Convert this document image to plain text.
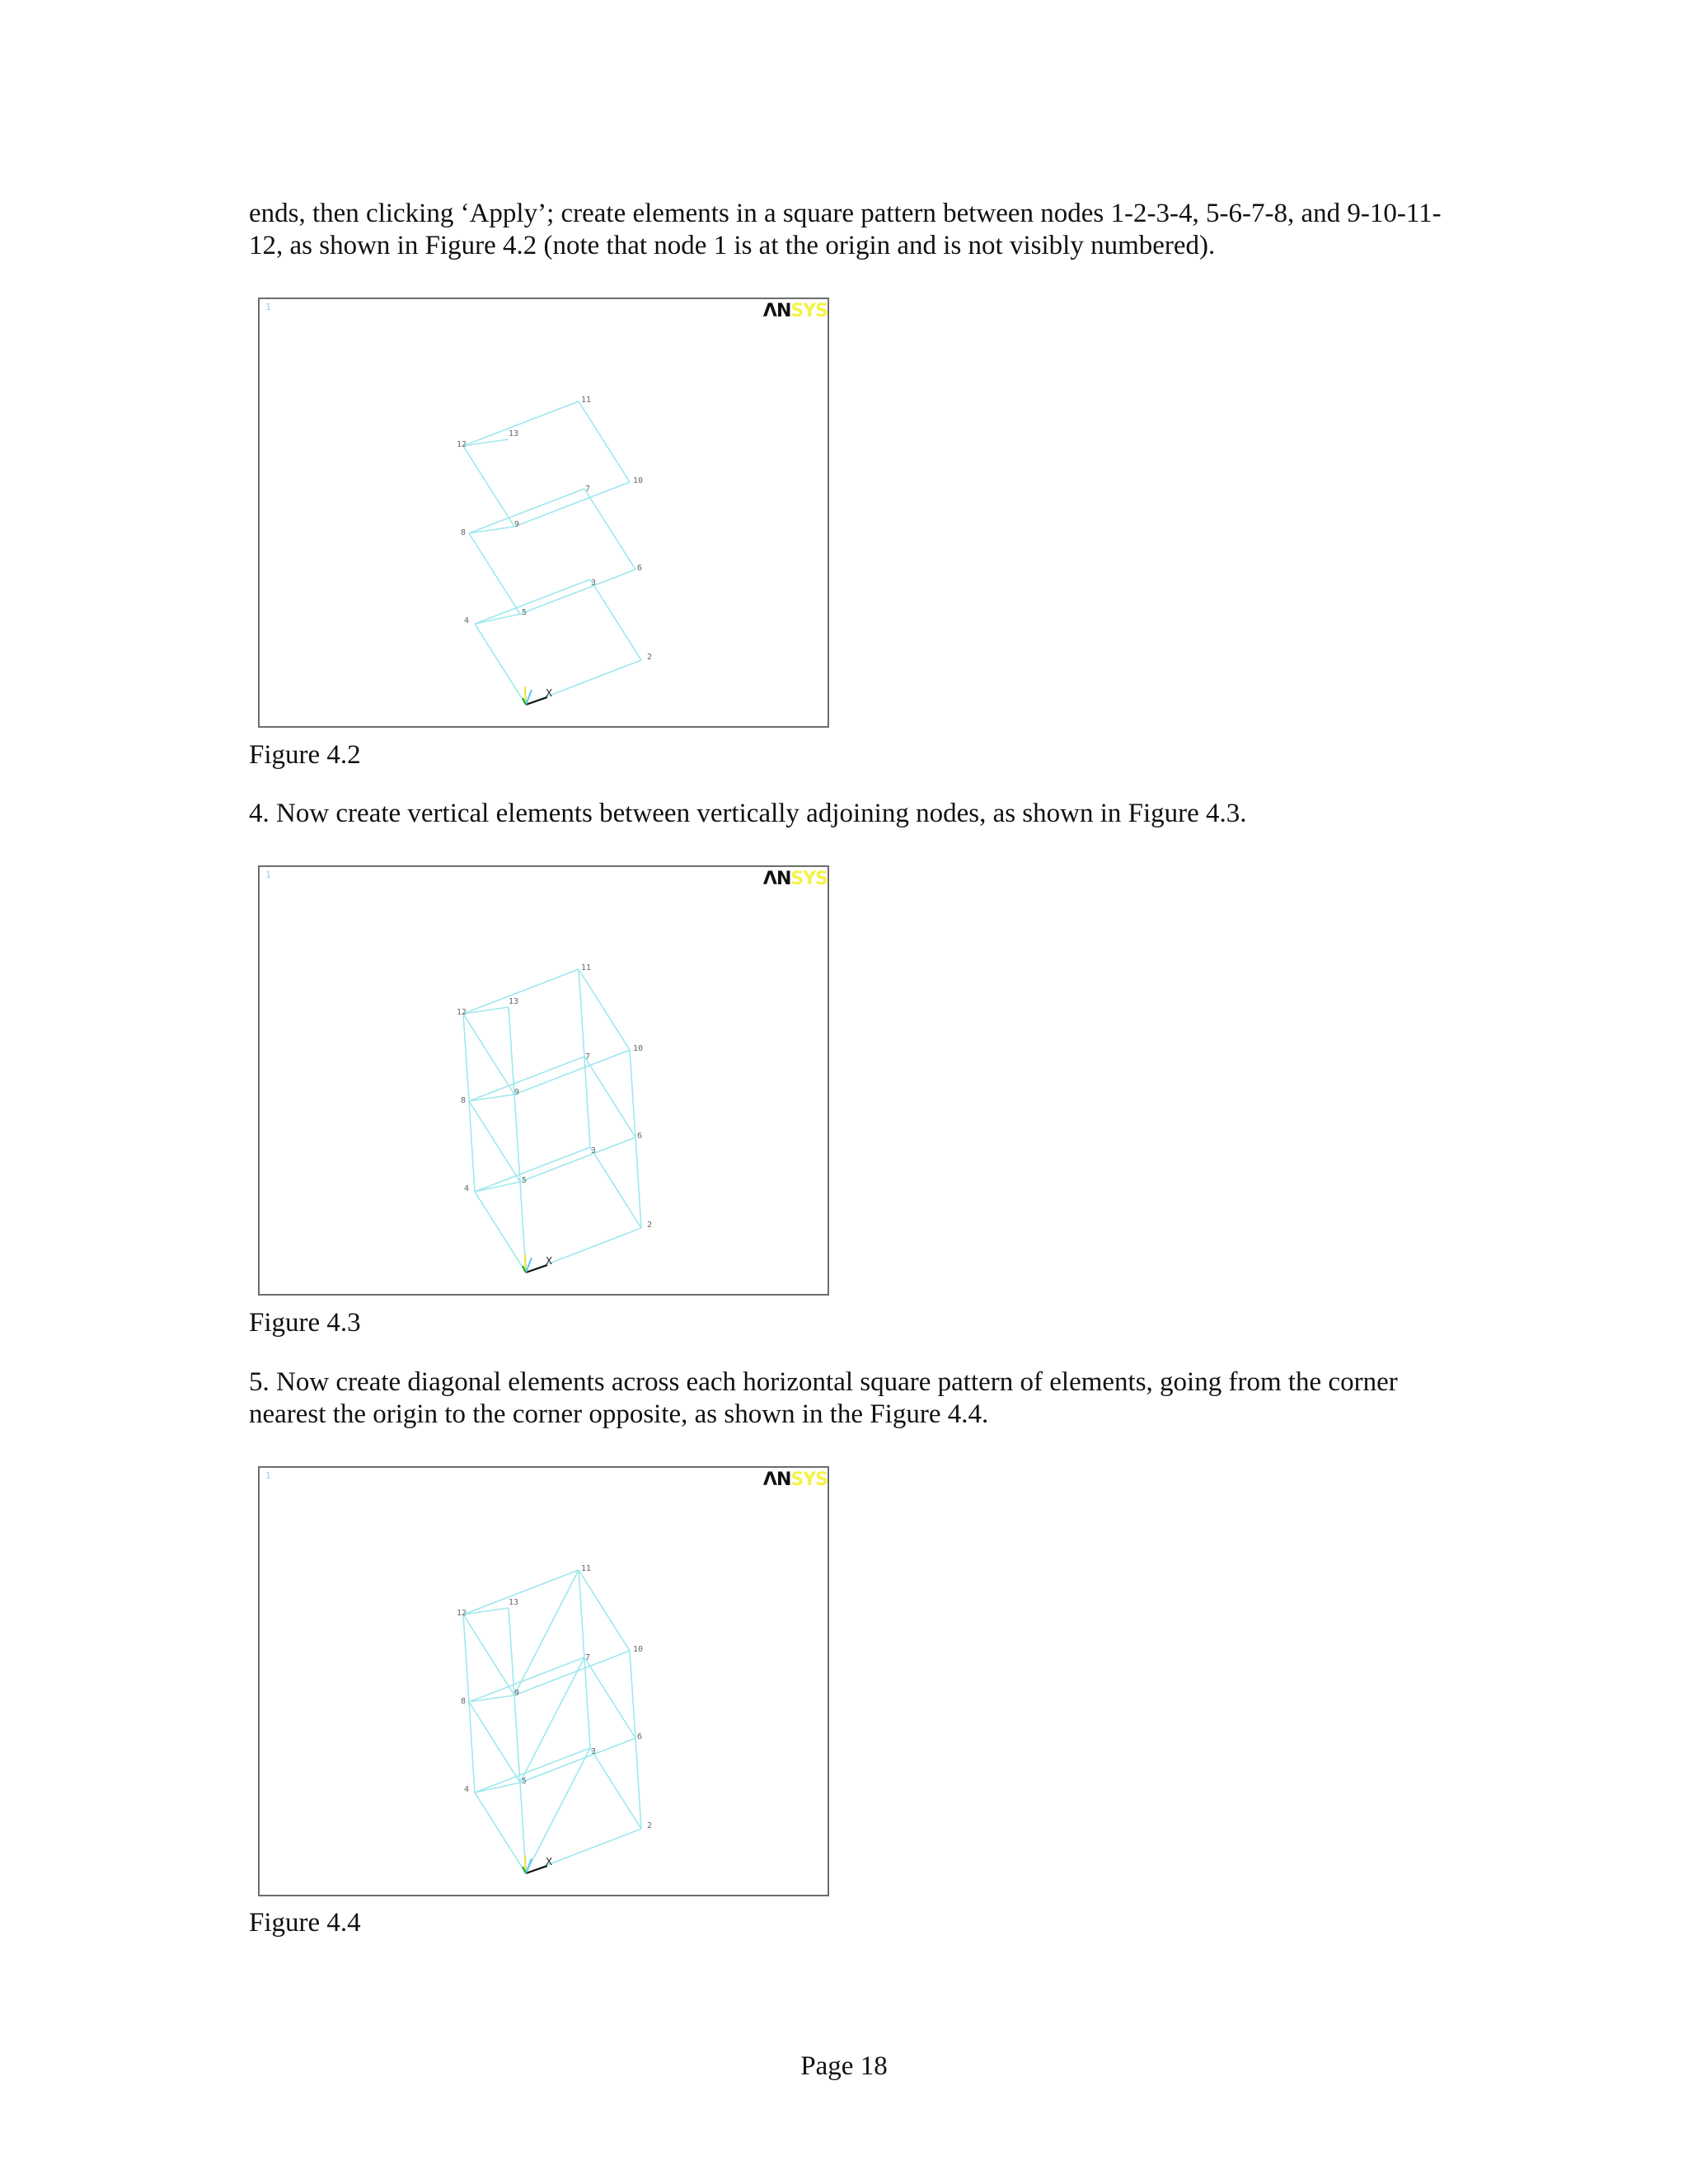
ends, then clicking ‘Apply’; create elements in a square pattern between nodes 1-2-3-4, 5-6-7-8, and 9-10-11-12, as shown in Figure 4.2 (note that node 1 is at the origin and is not visibly numbered).

1	ΛNSYS
2
3
4
5
6
7
8
9
10
11
12
13
X

Figure 4.2

4. Now create vertical elements between vertically adjoining nodes, as shown in Figure 4.3.

1	ΛNSYS
2
3
4
5
6
7
8
9
10
11
12
13
X

Figure 4.3

5. Now create diagonal elements across each horizontal square pattern of elements, going from the corner nearest the origin to the corner opposite, as shown in the Figure 4.4.

1	ΛNSYS
2
3
4
5
6
7
8
9
10
11
12
13
X

Figure 4.4

Page 18
